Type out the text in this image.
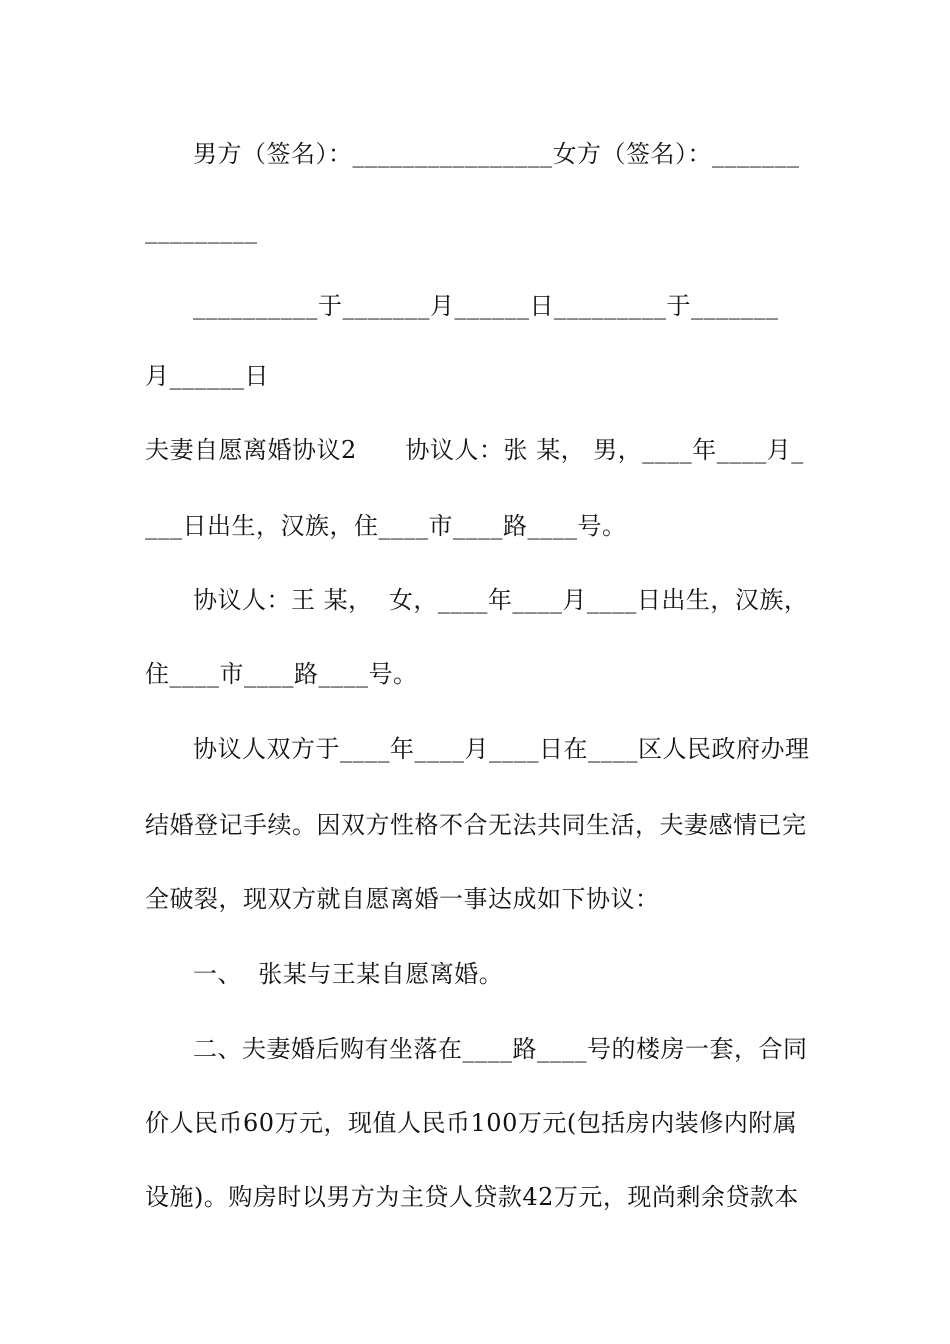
男方（签名）：________________女方（签名）：_______
_________
__________于_______月______日_________于_______
月______日
夫妻自愿离婚协议2      协议人：张 某， 男，____年____月_
___日出生，汉族，住____市____路____号。
协议人：王 某，  女，____年____月____日出生，汉族，
住____市____路____号。
协议人双方于____年____月____日在____区人民政府办理
结婚登记手续。因双方性格不合无法共同生活，夫妻感情已完
全破裂，现双方就自愿离婚一事达成如下协议：
一、  张某与王某自愿离婚。
二、夫妻婚后购有坐落在____路____号的楼房一套，合同
价人民币60万元，现值人民币100万元(包括房内装修内附属
设施)。购房时以男方为主贷人贷款42万元，现尚剩余贷款本
